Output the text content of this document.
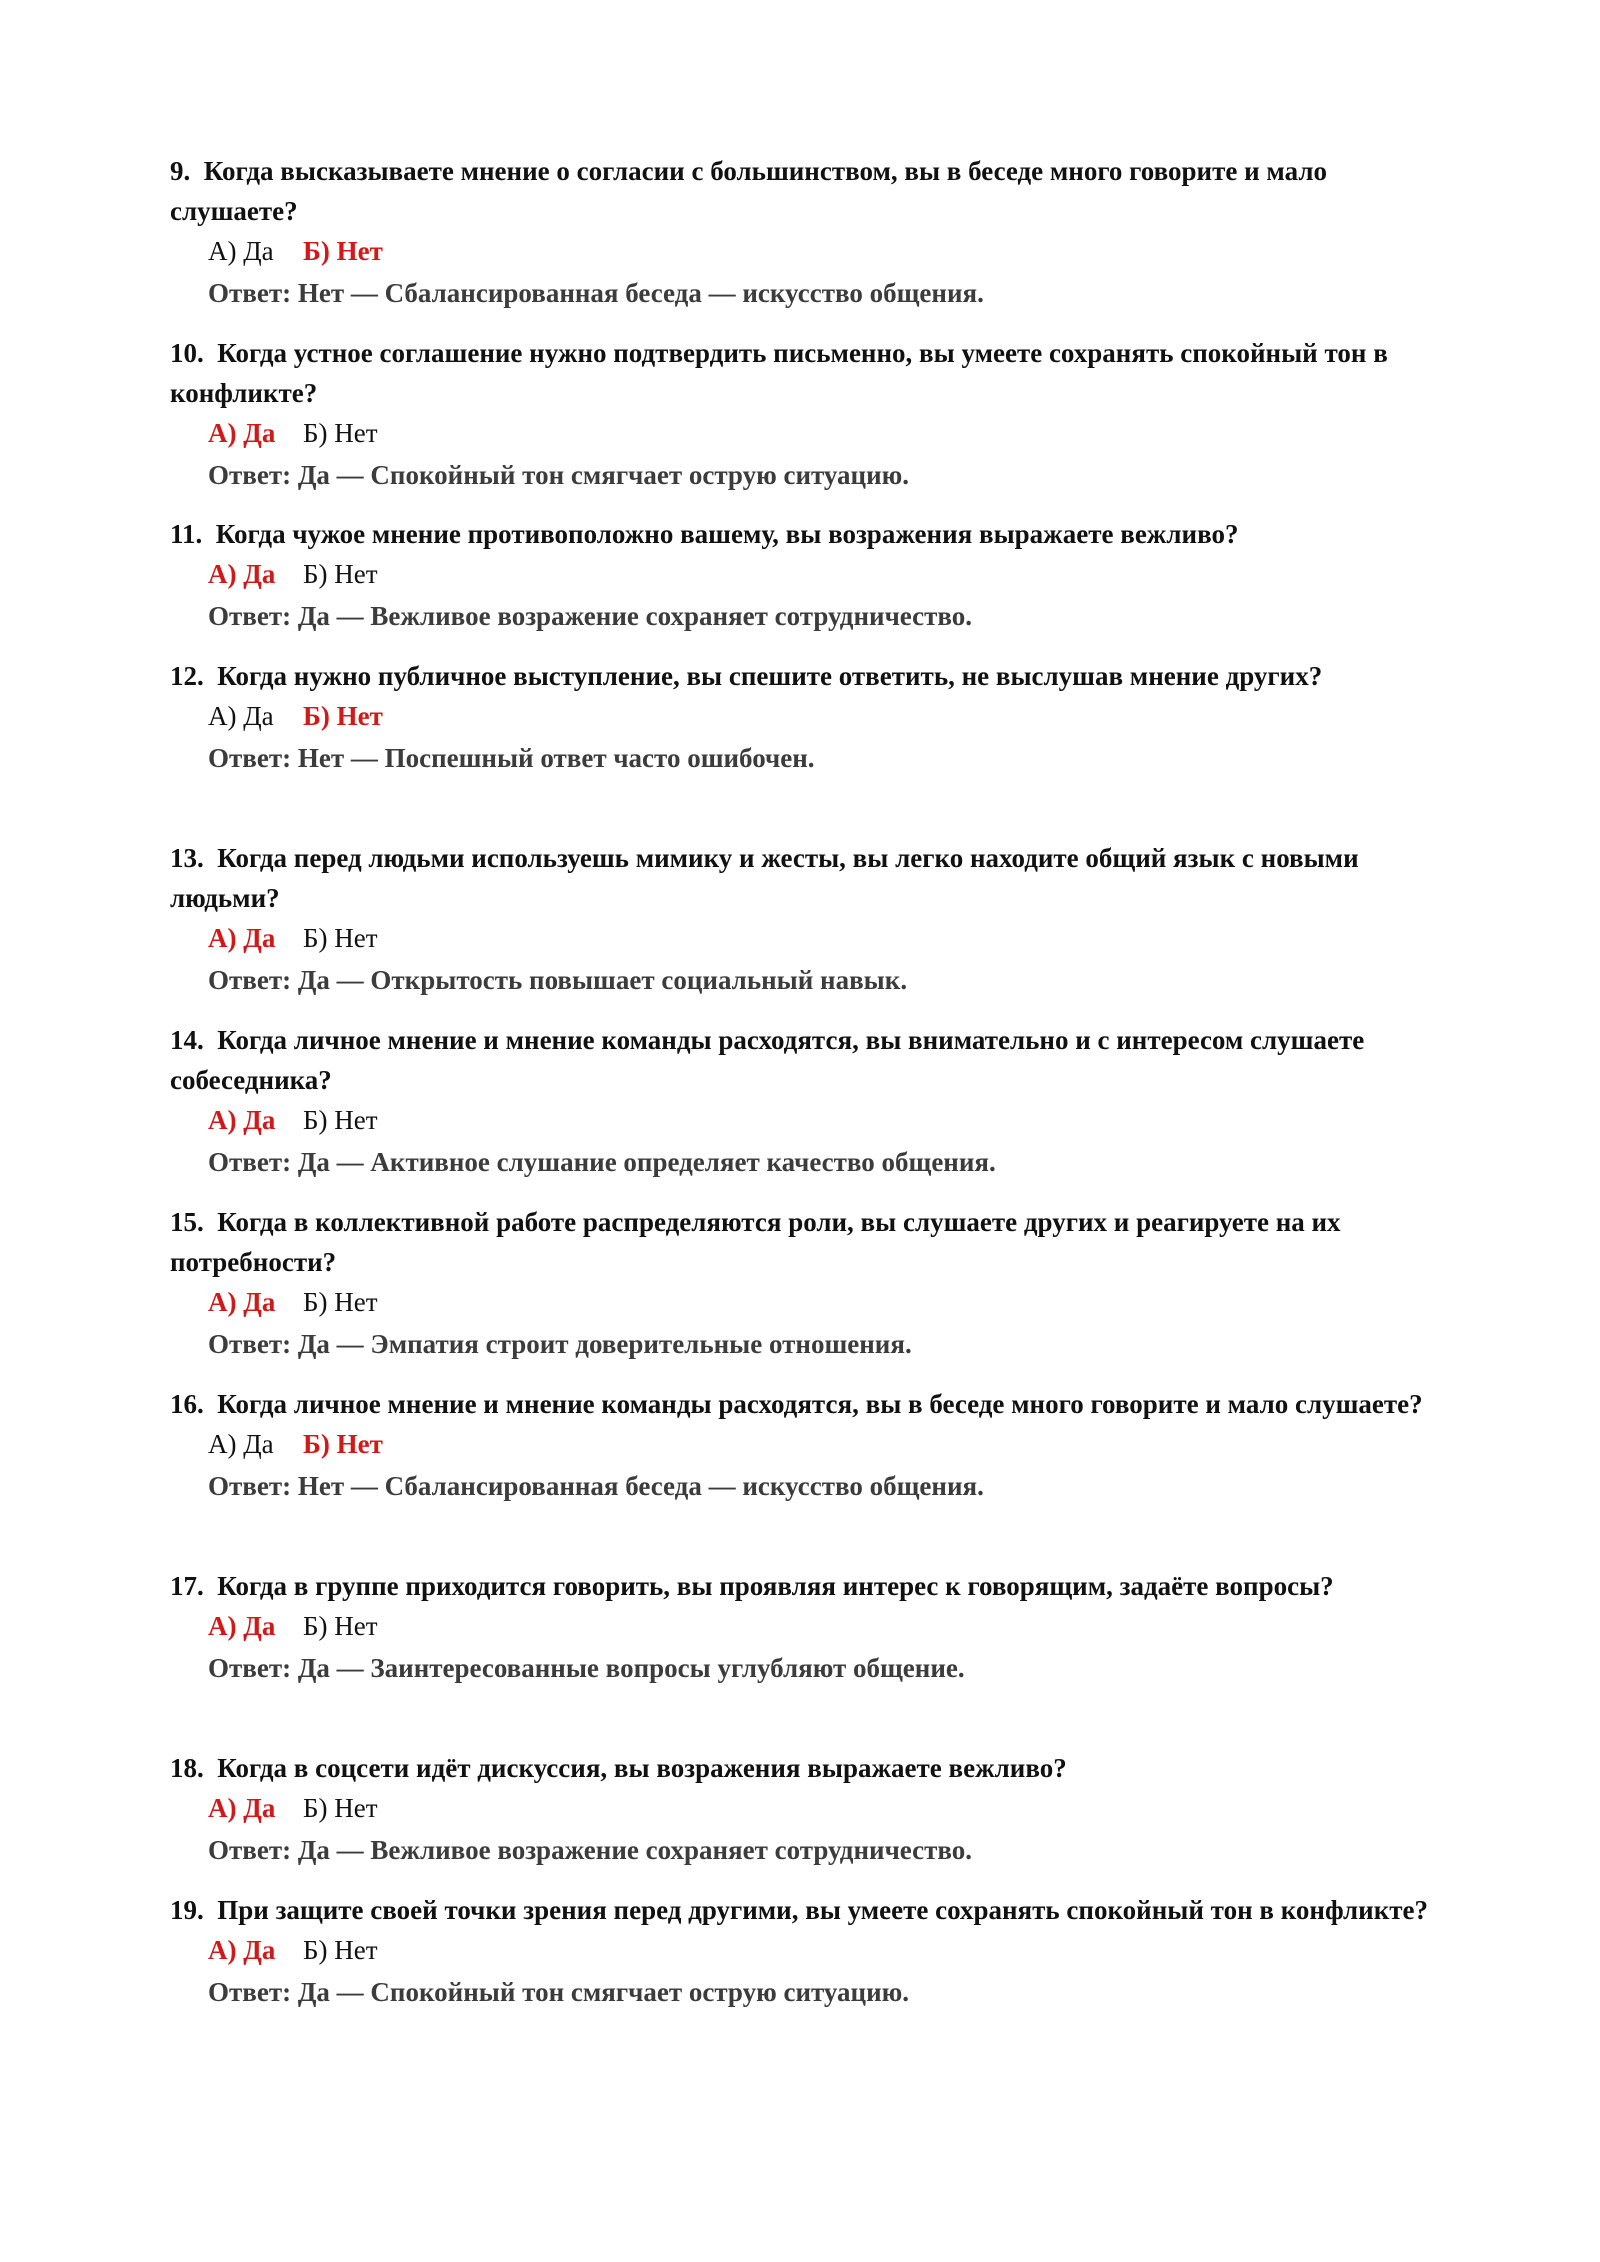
9. Когда высказываете мнение о согласии с большинством, вы в беседе много говорите и мало слушаете?

А) Да	Б) Нет
Ответ: Нет — Сбалансированная беседа — искусство общения.

10. Когда устное соглашение нужно подтвердить письменно, вы умеете сохранять спокойный тон в конфликте?

А) Да	Б) Нет
Ответ: Да — Спокойный тон смягчает острую ситуацию.

11. Когда чужое мнение противоположно вашему, вы возражения выражаете вежливо?

А) Да	Б) Нет
Ответ: Да — Вежливое возражение сохраняет сотрудничество.

12. Когда нужно публичное выступление, вы спешите ответить, не выслушав мнение других?

А) Да	Б) Нет
Ответ: Нет — Поспешный ответ часто ошибочен.

13. Когда перед людьми используешь мимику и жесты, вы легко находите общий язык с новыми людьми?

А) Да	Б) Нет
Ответ: Да — Открытость повышает социальный навык.

14. Когда личное мнение и мнение команды расходятся, вы внимательно и с интересом слушаете собеседника?

А) Да	Б) Нет
Ответ: Да — Активное слушание определяет качество общения.

15. Когда в коллективной работе распределяются роли, вы слушаете других и реагируете на их потребности?

А) Да	Б) Нет
Ответ: Да — Эмпатия строит доверительные отношения.

16. Когда личное мнение и мнение команды расходятся, вы в беседе много говорите и мало слушаете?

А) Да	Б) Нет
Ответ: Нет — Сбалансированная беседа — искусство общения.

17. Когда в группе приходится говорить, вы проявляя интерес к говорящим, задаёте вопросы?

А) Да	Б) Нет
Ответ: Да — Заинтересованные вопросы углубляют общение.

18. Когда в соцсети идёт дискуссия, вы возражения выражаете вежливо?

А) Да	Б) Нет
Ответ: Да — Вежливое возражение сохраняет сотрудничество.

19. При защите своей точки зрения перед другими, вы умеете сохранять спокойный тон в конфликте?

А) Да	Б) Нет
Ответ: Да — Спокойный тон смягчает острую ситуацию.
